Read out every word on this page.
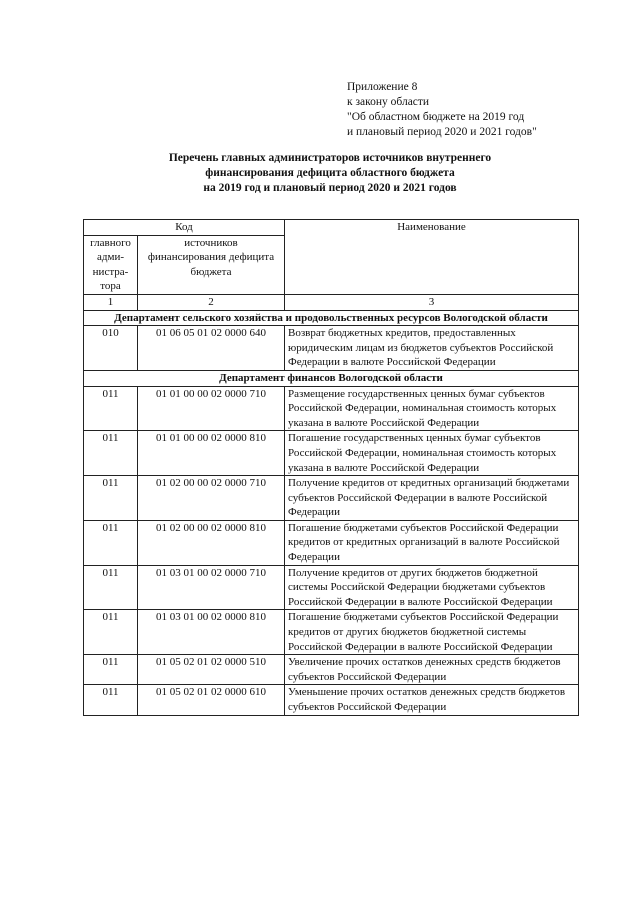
Приложение 8
к закону области
"Об областном бюджете на 2019 год
и плановый период 2020 и 2021 годов"
Перечень главных администраторов источников внутреннего
финансирования дефицита областного бюджета
на 2019 год и плановый период 2020 и 2021 годов
Код		Наименование

главного
адми-
нистра-
тора

источников
финансирования дефицита
бюджета

1	2	3
Департамент сельского хозяйства и продовольственных ресурсов Вологодской области		
010	01 06 05 01 02 0000 640	Возврат бюджетных кредитов, предоставленных юридическим лицам из бюджетов субъектов Российской Федерации в валюте Российской Федерации
Департамент финансов Вологодской области		
011	01 01 00 00 02 0000 710	Размещение государственных ценных бумаг субъектов Российской Федерации, номинальная стоимость которых указана в валюте Российской Федерации
011	01 01 00 00 02 0000 810	Погашение государственных ценных бумаг субъектов Российской Федерации, номинальная стоимость которых указана в валюте Российской Федерации
011	01 02 00 00 02 0000 710	Получение кредитов от кредитных организаций бюджетами субъектов Российской Федерации в валюте Российской Федерации
011	01 02 00 00 02 0000 810	Погашение бюджетами субъектов Российской Федерации кредитов от кредитных организаций в валюте Российской Федерации
011	01 03 01 00 02 0000 710	Получение кредитов от других бюджетов бюджетной системы Российской Федерации бюджетами субъектов Российской Федерации в валюте Российской Федерации
011	01 03 01 00 02 0000 810	Погашение бюджетами субъектов Российской Федерации кредитов от других бюджетов бюджетной системы Российской Федерации в валюте Российской Федерации
011	01 05 02 01 02 0000 510	Увеличение прочих остатков денежных средств бюджетов субъектов Российской Федерации
011	01 05 02 01 02 0000 610	Уменьшение прочих остатков денежных средств бюджетов субъектов Российской Федерации
